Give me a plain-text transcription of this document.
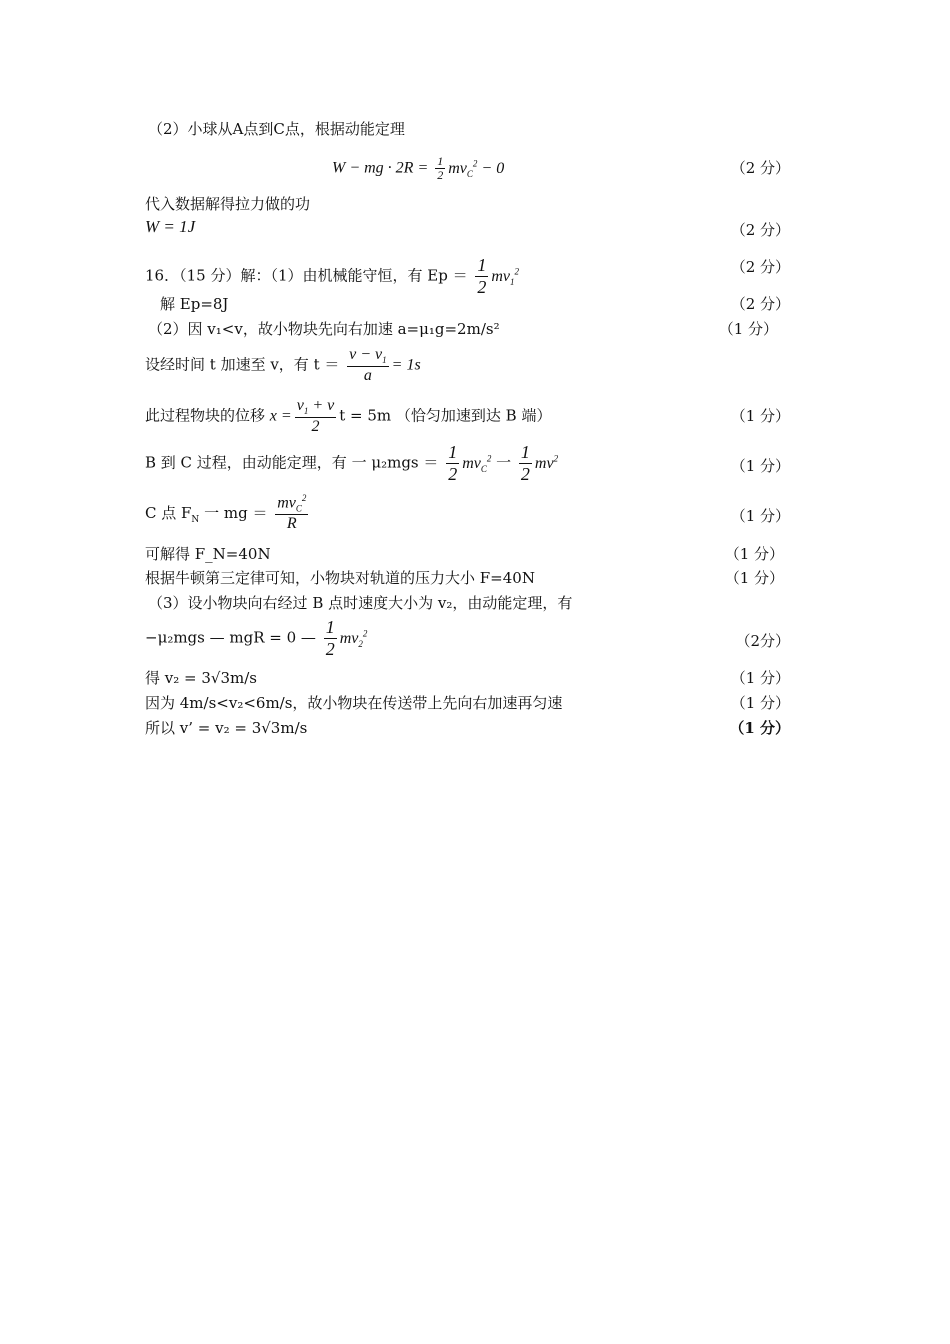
（2）小球从A点到C点，根据动能定理
W − mg · $2R = \frac{1}{2} mv_C^2 - 0$	（2 分）
代入数据解得拉力做的功
W = 1J	（2 分）
16．（15 分）解：（1）由机械能守恒，有 $Ep = \frac{1}{2} mv_1^2$	（2 分）
解 Ep=8J	（2 分）
（2）因 v₁<v，故小物块先向右加速 a=μ₁g=2m/s²	（1 分）
设经时间 t 加速至 v，有 $t = \frac{v - v_1}{a} = 1s$
此过程物块的位移 $x = \frac{v_1 + v}{2}$ t = 5m （恰匀加速到达 B 端）	（1 分）
B 到 C 过程，由动能定理，有 一 $\mu_2mgs = \frac{1}{2} mv_C^2$ 一 $\frac{1}{2} mv^2$	（1 分）
C 点 $F_N$ 一 mg ＝ $\frac{mv_C^2}{R}$	（1 分）
可解得 F_N=40N	（1 分）
根据牛顿第三定律可知，小物块对轨道的压力大小 F=40N	（1 分）
（3）设小物块向右经过 B 点时速度大小为 v₂，由动能定理，有
−μ₂mgs — mgR = 0 — $\frac{1}{2} mv_2^2$	（2分）
得 v₂ = 3√3m/s	（1 分）
因为 4m/s<v₂<6m/s，故小物块在传送带上先向右加速再匀速	（1 分）
所以 v’ = v₂ = 3√3m/s	（1 分）
